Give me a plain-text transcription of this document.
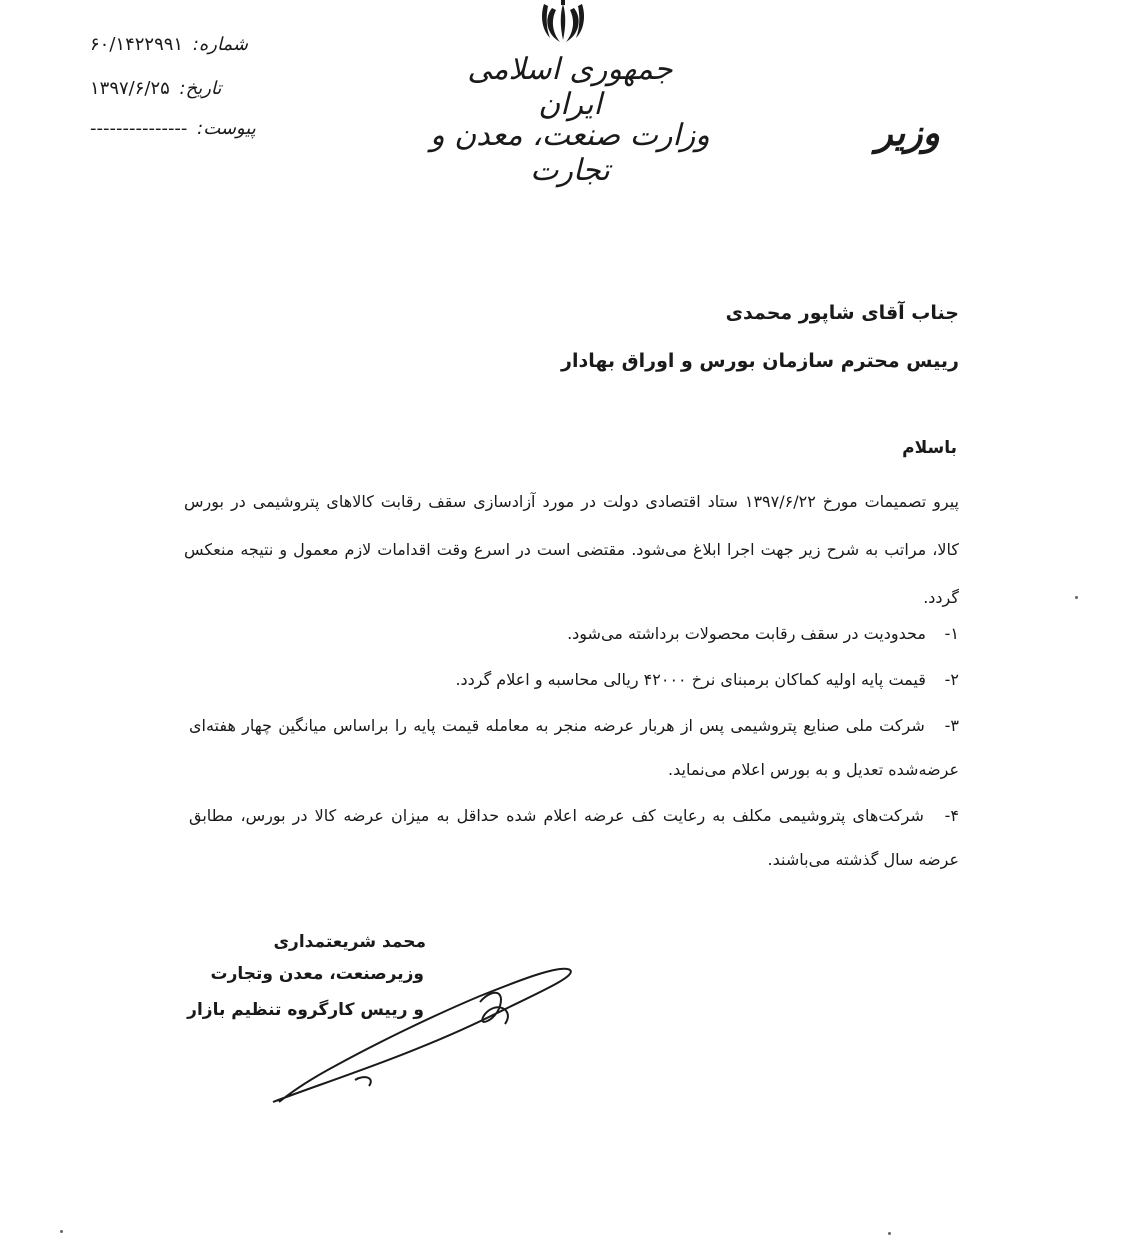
شماره: ۶۰/۱۴۲۲۹۹۱
تاریخ: ۱۳۹۷/۶/۲۵
پیوست: ---------------
جمهوری اسلامی ایران
وزارت صنعت، معدن و تجارت
وزیر
جناب آقای شاپور محمدی
رییس محترم سازمان بورس و اوراق بهادار
باسلام
پیرو تصمیمات مورخ ۱۳۹۷/۶/۲۲ ستاد اقتصادی دولت در مورد آزادسازی سقف رقابت کالاهای پتروشیمی در بورس کالا، مراتب به شرح زیر جهت اجرا ابلاغ می‌شود. مقتضی است در اسرع وقت اقدامات لازم معمول و نتیجه منعکس گردد.
۱- محدودیت در سقف رقابت محصولات برداشته می‌شود.
۲- قیمت پایه اولیه کماکان برمبنای نرخ ۴۲۰۰۰ ریالی محاسبه و اعلام گردد.
۳- شرکت ملی صنایع پتروشیمی پس از هربار عرضه منجر به معامله قیمت پایه را براساس میانگین چهار هفته‌ای عرضه‌شده تعدیل و به بورس اعلام می‌نماید.
۴- شرکت‌های پتروشیمی مکلف به رعایت کف عرضه اعلام شده حداقل به میزان عرضه کالا در بورس، مطابق عرضه سال گذشته می‌باشند.
محمد شریعتمداری
وزیرصنعت، معدن وتجارت
و رییس کارگروه تنظیم بازار
